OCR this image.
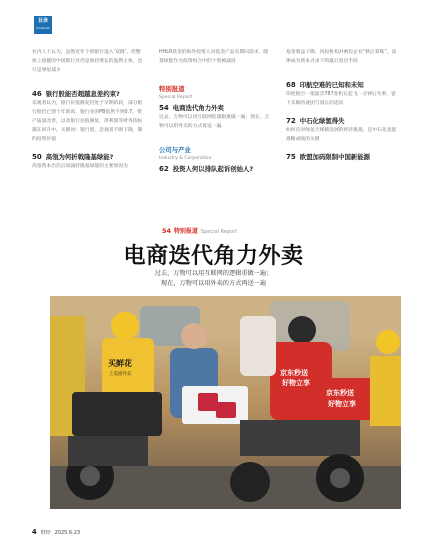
目录
Contents
业内人士认为，虽然近年个别银行进入‘双降’，但整体上稳健的中国银行业仍是保持增长的盈利主体，也只是零星减少
46 银行股能否超越息差约束?
乐观者认为，银行价值修复仍处于早期阶段，部分银行股仍已创十年新高，银行业的PB依然不到0.7，资产质量改善，以及银行估值修复，净利润等财务指标都在回升中。关键词：银行股，悲观者不断下降，制约投资价值
50 高瓴为何折戟隆基绿能?
高瓴资本出次后知减持隆基绿能的主要原因为
HHLR基金的海外投资人对基金产品有期回需求，隆基绿能作为投资组合中的个股被减持
特别报道
Special Report
54 电商迭代角力外卖
过去，万物可以用互联网的逻辑重做一遍；现在，万物可以用外卖的方式再送一遍
公司与产业
Industry & Corporation
62 投资人何以排队起诉创始人?
基金收益下降，风投机构对被投企业“秋后算账”。法律成为资本寻求下的最后退出手段
68 印航空难的已知和未知
印度航空一架波音787客机在起飞一分钟后失事，留下未解的谜团与漫长的追问
72 中石化绿氢得失
如何应对绿氢大规模发展的经济挑战，是中石化氢能战略成败的关键
75 欧盟加码限制中国新能源
54 特别报道 Special Report
电商迭代角力外卖
过去，万物可以用互联网的逻辑重做一遍；
现在，万物可以用外卖的方式再送一遍
买鲜花
上美团外卖	京东秒送
好物立享
京东秒送
好物立享
4 财经 2025.6.23
